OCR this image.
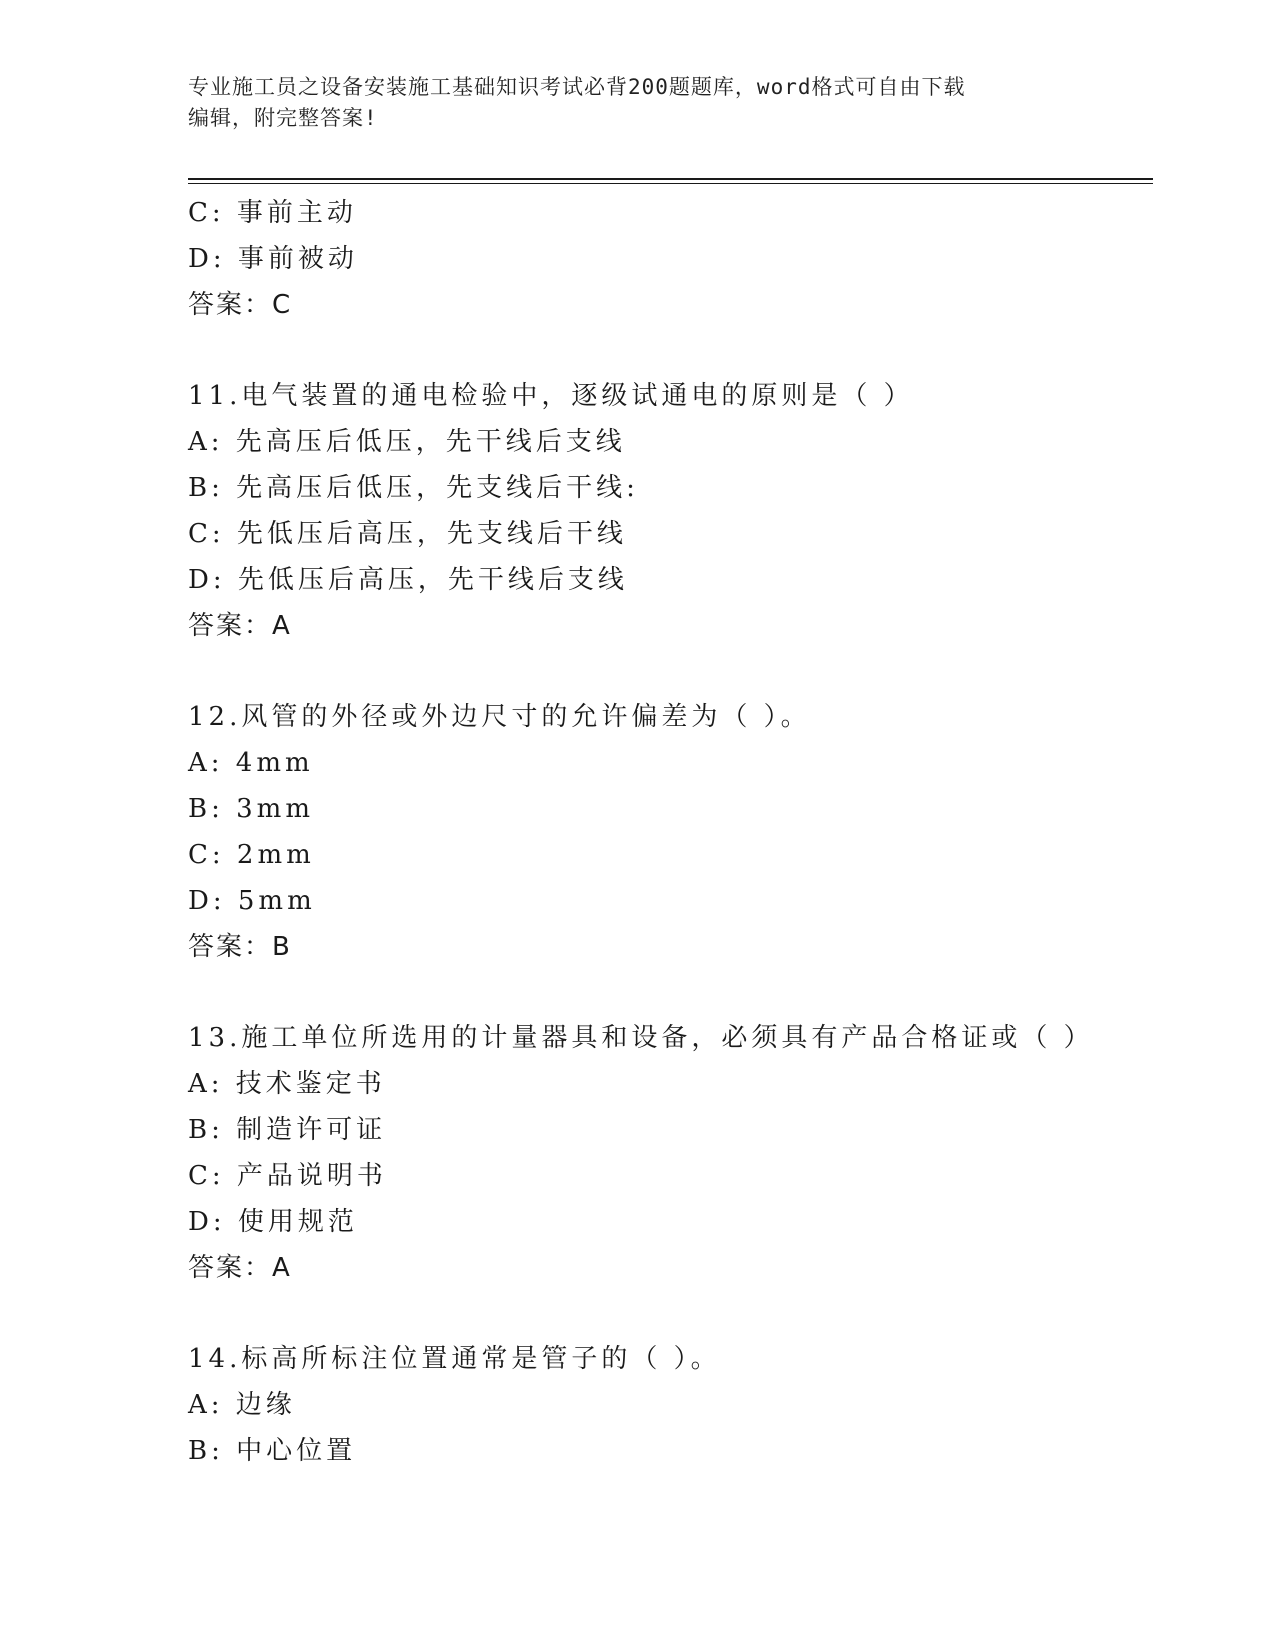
专业施工员之设备安装施工基础知识考试必背200题题库，word格式可自由下载
编辑，附完整答案!
C: 事前主动
D: 事前被动
答案：C
11.电气装置的通电检验中，逐级试通电的原则是（ ）
A: 先高压后低压，先干线后支线
B: 先高压后低压，先支线后干线:
C: 先低压后高压，先支线后干线
D: 先低压后高压，先干线后支线
答案：A
12.风管的外径或外边尺寸的允许偏差为（ ）。
A: 4mm
B: 3mm
C: 2mm
D: 5mm
答案：B
13.施工单位所选用的计量器具和设备，必须具有产品合格证或（ ）
A: 技术鉴定书
B: 制造许可证
C: 产品说明书
D: 使用规范
答案：A
14.标高所标注位置通常是管子的（ ）。
A: 边缘
B: 中心位置
